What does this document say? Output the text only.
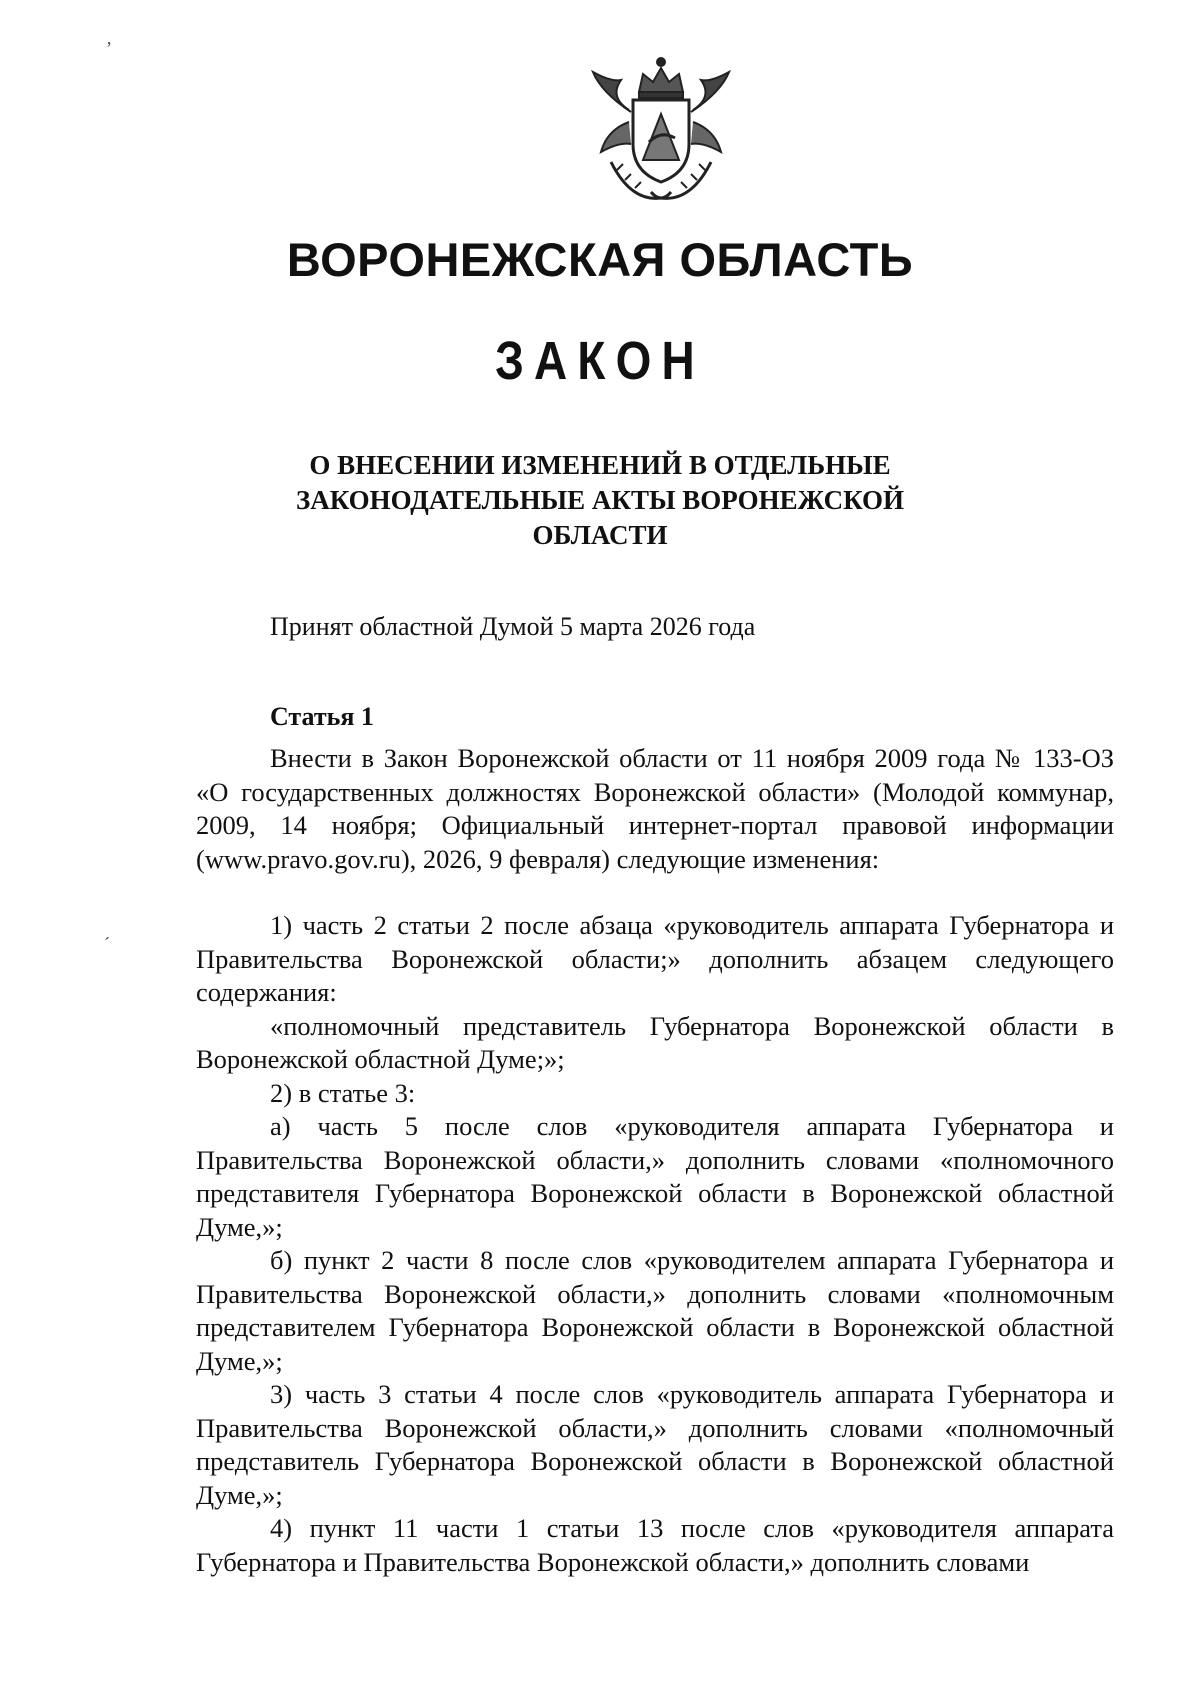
ВОРОНЕЖСКАЯ ОБЛАСТЬ
ЗАКОН
О ВНЕСЕНИИ ИЗМЕНЕНИЙ В ОТДЕЛЬНЫЕ
ЗАКОНОДАТЕЛЬНЫЕ АКТЫ ВОРОНЕЖСКОЙ
ОБЛАСТИ
Принят областной Думой 5 марта 2026 года
Статья 1

Внести в Закон Воронежской области от 11 ноября 2009 года № 133-ОЗ «О государственных должностях Воронежской области» (Молодой коммунар, 2009, 14 ноября; Официальный интернет-портал правовой информации (www.pravo.gov.ru), 2026, 9 февраля) следующие изменения:

1) часть 2 статьи 2 после абзаца «руководитель аппарата Губернатора и Правительства Воронежской области;» дополнить абзацем следующего содержания:

«полномочный представитель Губернатора Воронежской области в Воронежской областной Думе;»;

2) в статье 3:

а) часть 5 после слов «руководителя аппарата Губернатора и Правительства Воронежской области,» дополнить словами «полномочного представителя Губернатора Воронежской области в Воронежской областной Думе,»;

б) пункт 2 части 8 после слов «руководителем аппарата Губернатора и Правительства Воронежской области,» дополнить словами «полномочным представителем Губернатора Воронежской области в Воронежской областной Думе,»;

3) часть 3 статьи 4 после слов «руководитель аппарата Губернатора и Правительства Воронежской области,» дополнить словами «полномочный представитель Губернатора Воронежской области в Воронежской областной Думе,»;

4) пункт 11 части 1 статьи 13 после слов «руководителя аппарата Губернатора и Правительства Воронежской области,» дополнить словами

ʼ
ˊ
